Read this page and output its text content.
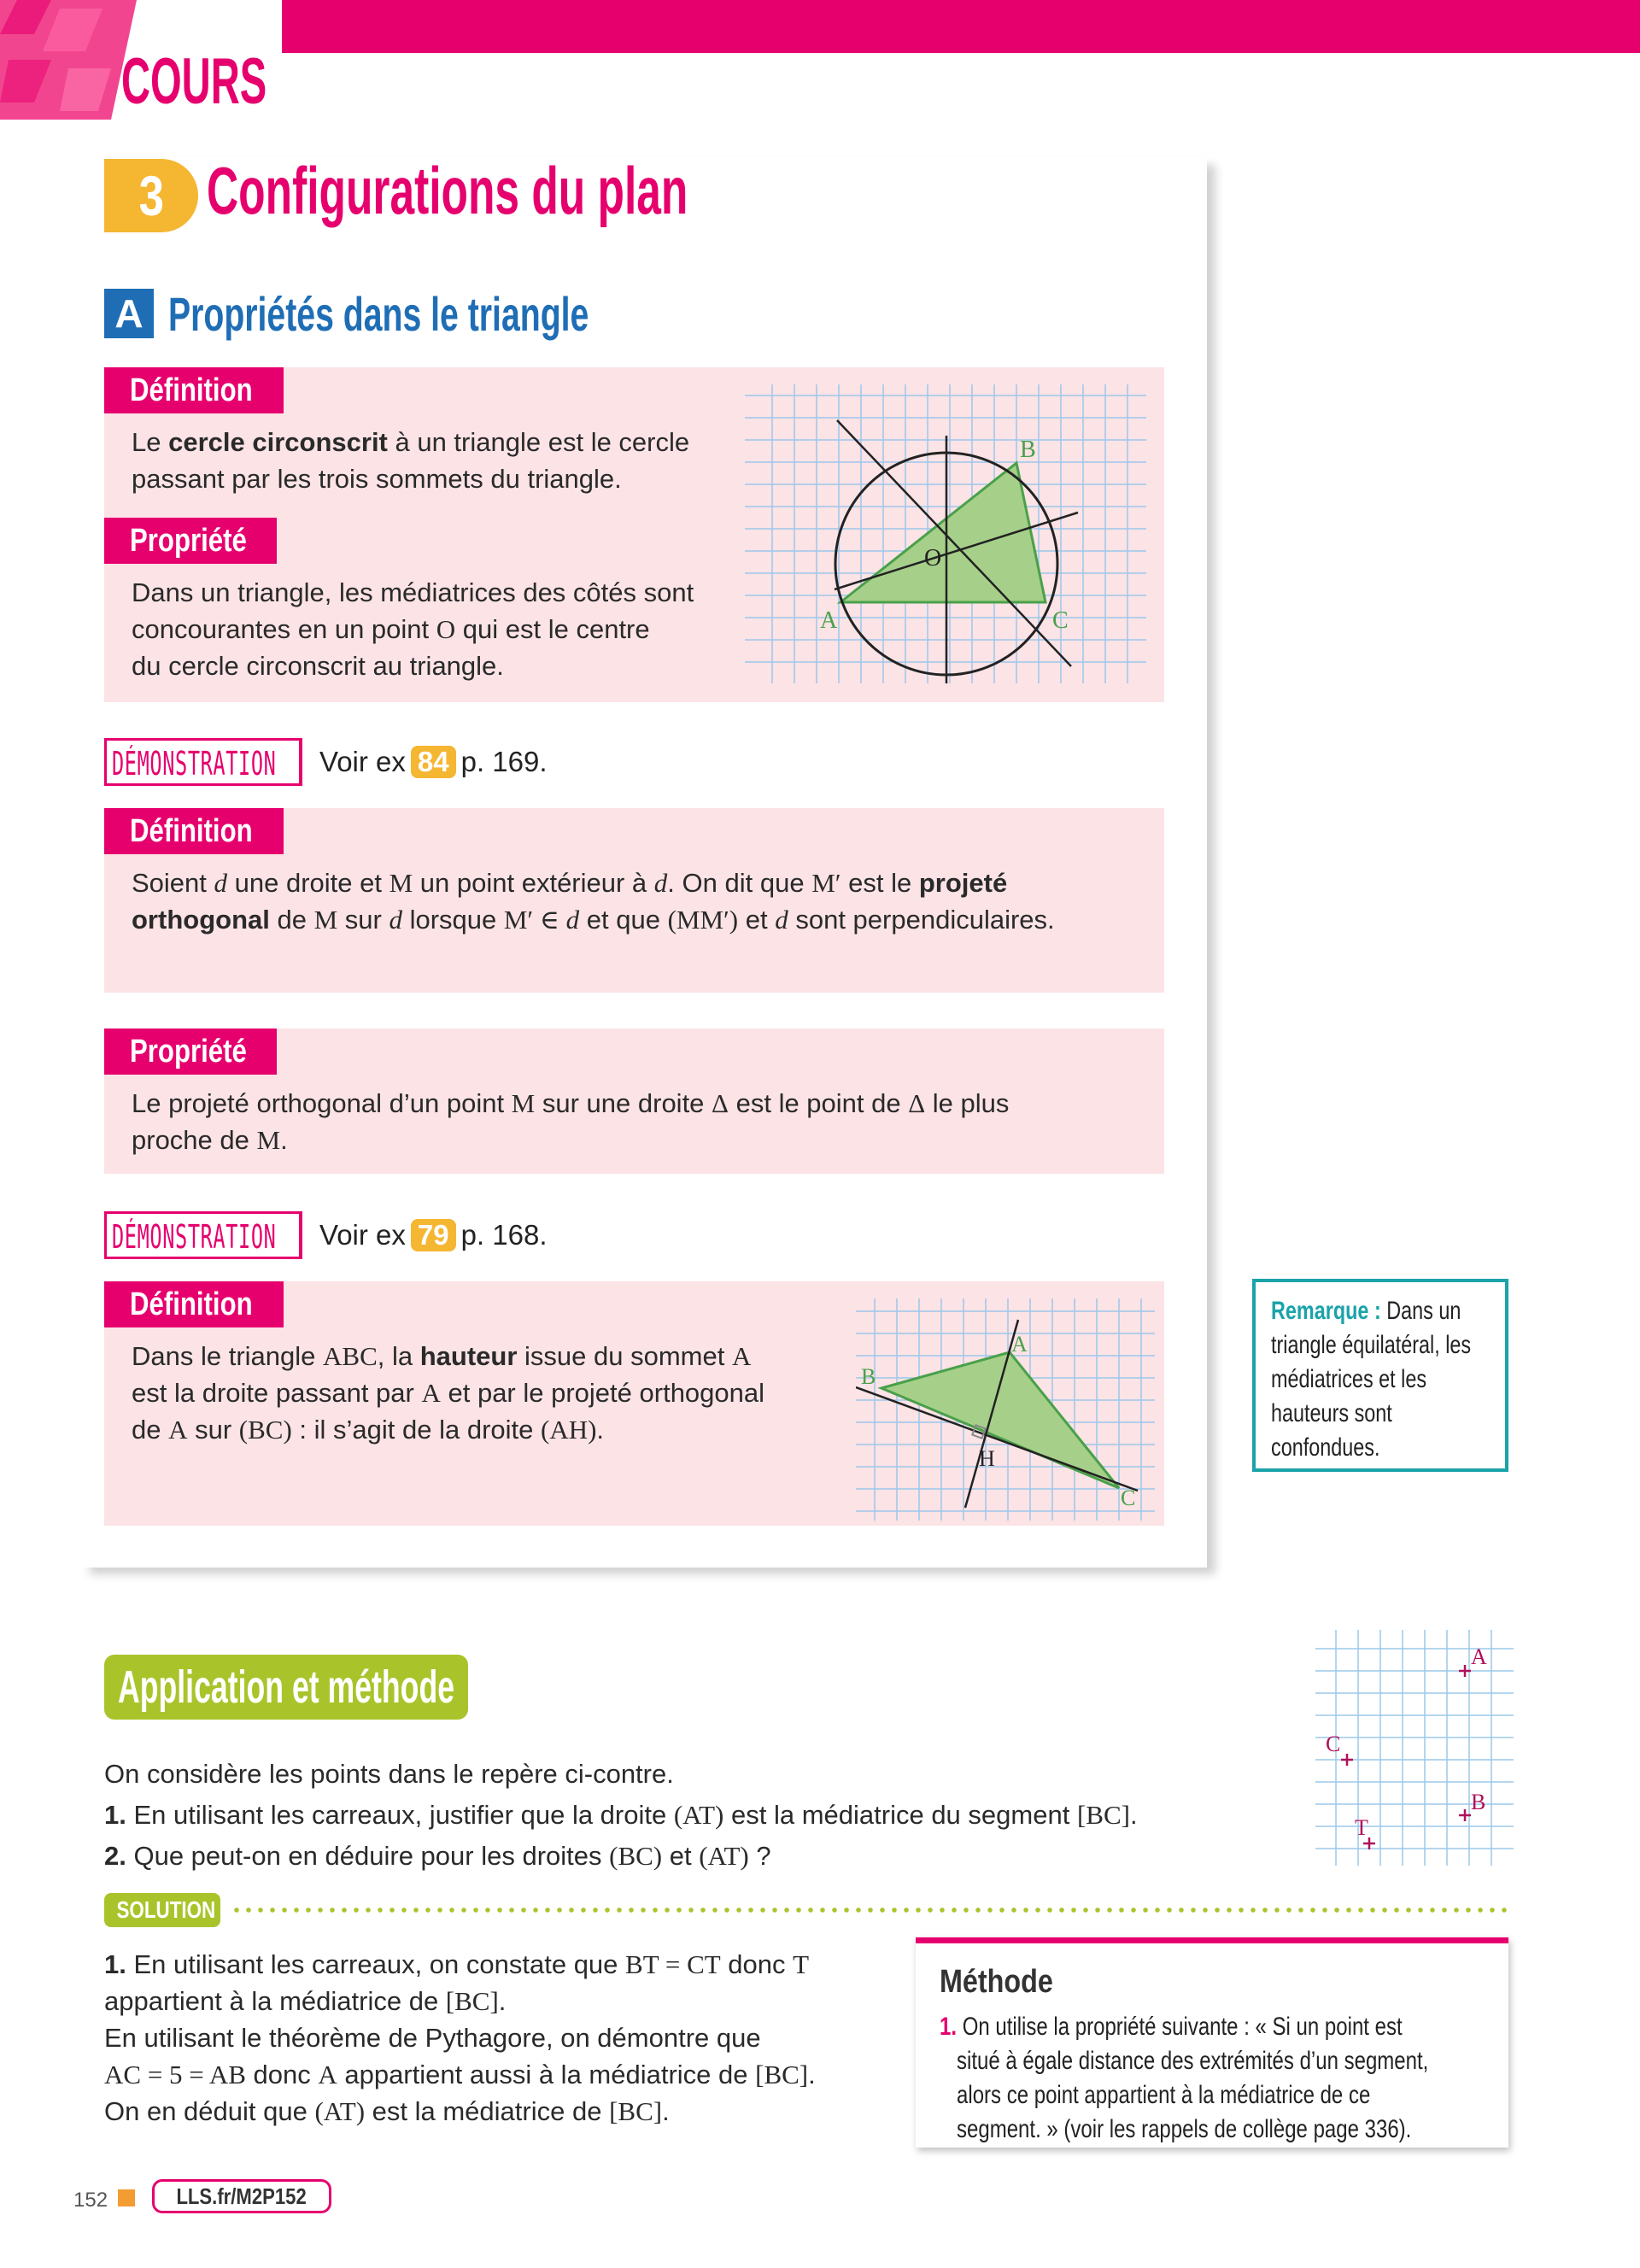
COURS
3 Configurations du plan
A Propriétés dans le triangle
Définition
Le cercle circonscrit à un triangle est le cercle
passant par les trois sommets du triangle.
Propriété
Dans un triangle, les médiatrices des côtés sont
concourantes en un point O qui est le centre
du cercle circonscrit au triangle.
O
A
B
C
DÉMONSTRATION Voir ex 84 p. 169.
Définition
Soient d une droite et M un point extérieur à d. On dit que M′ est le projeté
orthogonal de M sur d lorsque M′ ∈ d et que (MM′) et d sont perpendiculaires.
Propriété
Le projeté orthogonal d’un point M sur une droite Δ est le point de Δ le plus
proche de M.
DÉMONSTRATION Voir ex 79 p. 168.
Définition
Dans le triangle ABC, la hauteur issue du sommet A
est la droite passant par A et par le projeté orthogonal
de A sur (BC) : il s’agit de la droite (AH).
B
A
C
H
Remarque : Dans un triangle équilatéral, les médiatrices et les hauteurs sont confondues.
Application et méthode
On considère les points dans le repère ci-contre.
1. En utilisant les carreaux, justifier que la droite (AT) est la médiatrice du segment [BC].
2. Que peut-on en déduire pour les droites (BC) et (AT) ?
A
C
B
T
SOLUTION
1. En utilisant les carreaux, on constate que BT = CT donc T
appartient à la médiatrice de [BC].
En utilisant le théorème de Pythagore, on démontre que
AC = 5 = AB donc A appartient aussi à la médiatrice de [BC].
On en déduit que (AT) est la médiatrice de [BC].
Méthode
1. On utilise la propriété suivante : « Si un point est
situé à égale distance des extrémités d’un segment,
alors ce point appartient à la médiatrice de ce
segment. » (voir les rappels de collège page 336).
152	LLS.fr/M2P152
